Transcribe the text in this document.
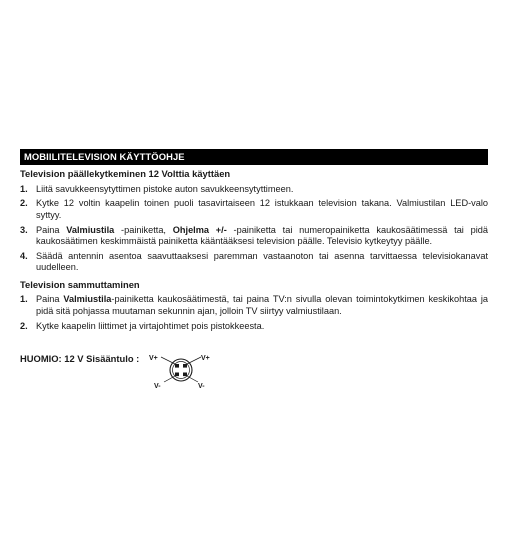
MOBIILITELEVISION KÄYTTÖOHJE
Television päällekytkeminen 12 Volttia käyttäen
1. Liitä savukkeensytyttimen pistoke auton savukkeensytyttimeen.
2. Kytke 12 voltin kaapelin toinen puoli tasavirtaiseen 12 istukkaan television takana. Valmiustilan LED-valo syttyy.
3. Paina Valmiustila -painiketta, Ohjelma +/- -painiketta tai numeropainiketta kaukosäätimessä tai pidä kaukosäätimen keskimmäistä painiketta kääntääksesi television päälle. Televisio kytkeytyy päälle.
4. Säädä antennin asentoa saavuttaaksesi paremman vastaanoton tai asenna tarvittaessa televisiokanavat uudelleen.
Television sammuttaminen
1. Paina Valmiustila-painiketta kaukosäätimestä, tai paina TV:n sivulla olevan toimintokytkimen keskikohtaa ja pidä sitä pohjassa muutaman sekunnin ajan, jolloin TV siirtyy valmiustilaan.
2. Kytke kaapelin liittimet ja virtajohtimet pois pistokkeesta.
HUOMIO: 12 V Sisääntulo : V+	V+
V-	V-
